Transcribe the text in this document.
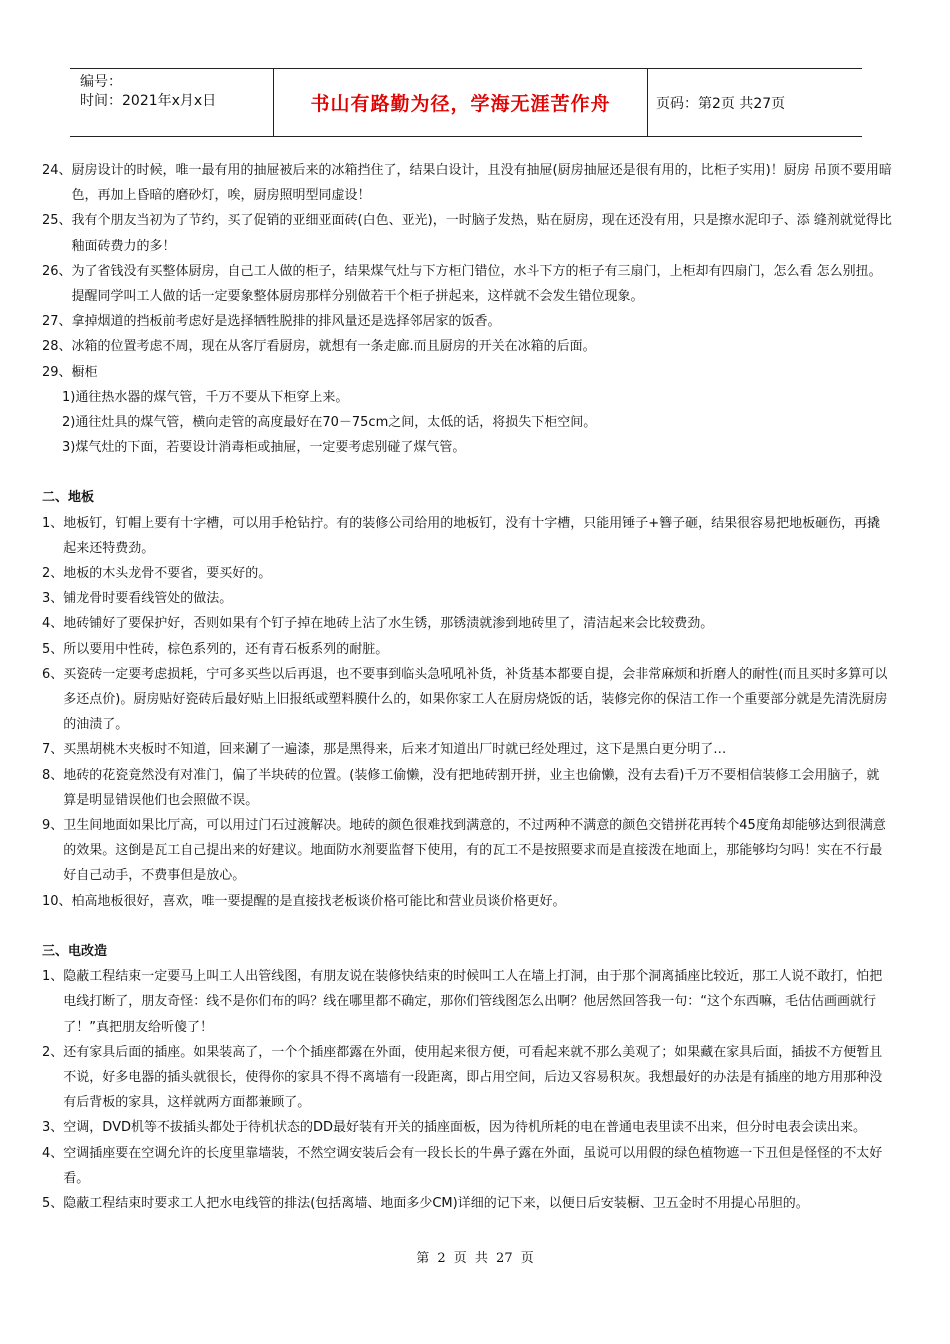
编号：
时间：2021年x月x日	书山有路勤为径，学海无涯苦作舟	页码：第2页 共27页
24、 厨房设计的时候，唯一最有用的抽屉被后来的冰箱挡住了，结果白设计，且没有抽屉(厨房抽屉还是很有用的，比柜子实用)！厨房 吊顶不要用暗色，再加上昏暗的磨砂灯，唉，厨房照明型同虚设！
25、 我有个朋友当初为了节约，买了促销的亚细亚面砖(白色、亚光)，一时脑子发热，贴在厨房，现在还没有用，只是擦水泥印子、添 缝剂就觉得比釉面砖费力的多！
26、 为了省钱没有买整体厨房，自己工人做的柜子，结果煤气灶与下方柜门错位，水斗下方的柜子有三扇门，上柜却有四扇门，怎么看 怎么别扭。提醒同学叫工人做的话一定要象整体厨房那样分别做若干个柜子拼起来，这样就不会发生错位现象。
27、 拿掉烟道的挡板前考虑好是选择牺牲脱排的排风量还是选择邻居家的饭香。
28、 冰箱的位置考虑不周，现在从客厅看厨房，就想有一条走廊.而且厨房的开关在冰箱的后面。
29、 橱柜
1)通往热水器的煤气管，千万不要从下柜穿上来。
2)通往灶具的煤气管，横向走管的高度最好在70－75cm之间，太低的话，将损失下柜空间。
3)煤气灶的下面，若要设计消毒柜或抽屉，一定要考虑别碰了煤气管。
二、地板
1、 地板钉，钉帽上要有十字槽，可以用手枪钻拧。有的装修公司给用的地板钉，没有十字槽，只能用锤子+簪子砸，结果很容易把地板砸伤，再撬起来还特费劲。
2、 地板的木头龙骨不要省，要买好的。
3、 铺龙骨时要看线管处的做法。
4、 地砖铺好了要保护好，否则如果有个钉子掉在地砖上沾了水生锈，那锈渍就渗到地砖里了，清洁起来会比较费劲。
5、 所以要用中性砖，棕色系列的，还有青石板系列的耐脏。
6、 买瓷砖一定要考虑损耗，宁可多买些以后再退，也不要事到临头急吼吼补货，补货基本都要自提，会非常麻烦和折磨人的耐性(而且买时多算可以多还点价)。厨房贴好瓷砖后最好贴上旧报纸或塑料膜什么的，如果你家工人在厨房烧饭的话，装修完你的保洁工作一个重要部分就是先清洗厨房的油渍了。
7、 买黑胡桃木夹板时不知道，回来涮了一遍漆，那是黑得来，后来才知道出厂时就已经处理过，这下是黑白更分明了…
8、 地砖的花瓷竟然没有对准门，偏了半块砖的位置。(装修工偷懒，没有把地砖割开拼，业主也偷懒，没有去看)千万不要相信装修工会用脑子，就算是明显错误他们也会照做不误。
9、 卫生间地面如果比厅高，可以用过门石过渡解决。地砖的颜色很难找到满意的，不过两种不满意的颜色交错拼花再转个45度角却能够达到很满意的效果。这倒是瓦工自己提出来的好建议。地面防水剂要监督下使用，有的瓦工不是按照要求而是直接泼在地面上，那能够均匀吗！实在不行最好自己动手，不费事但是放心。
10、 柏高地板很好，喜欢，唯一要提醒的是直接找老板谈价格可能比和营业员谈价格更好。
三、电改造
1、 隐蔽工程结束一定要马上叫工人出管线图，有朋友说在装修快结束的时候叫工人在墙上打洞，由于那个洞离插座比较近，那工人说不敢打，怕把电线打断了，朋友奇怪：线不是你们布的吗？线在哪里都不确定，那你们管线图怎么出啊？他居然回答我一句：“这个东西嘛，毛估估画画就行了！”真把朋友给听傻了！
2、 还有家具后面的插座。如果装高了，一个个插座都露在外面，使用起来很方便，可看起来就不那么美观了；如果藏在家具后面，插拔不方便暂且不说，好多电器的插头就很长，使得你的家具不得不离墙有一段距离，即占用空间，后边又容易积灰。我想最好的办法是有插座的地方用那种没有后背板的家具，这样就两方面都兼顾了。
3、 空调，DVD机等不拔插头都处于待机状态的DD最好装有开关的插座面板，因为待机所耗的电在普通电表里读不出来，但分时电表会读出来。
4、 空调插座要在空调允许的长度里靠墙装，不然空调安装后会有一段长长的牛鼻子露在外面，虽说可以用假的绿色植物遮一下丑但是怪怪的不太好看。
5、 隐蔽工程结束时要求工人把水电线管的排法(包括离墙、地面多少CM)详细的记下来，以便日后安装橱、卫五金时不用提心吊胆的。
第 2 页 共 27 页
